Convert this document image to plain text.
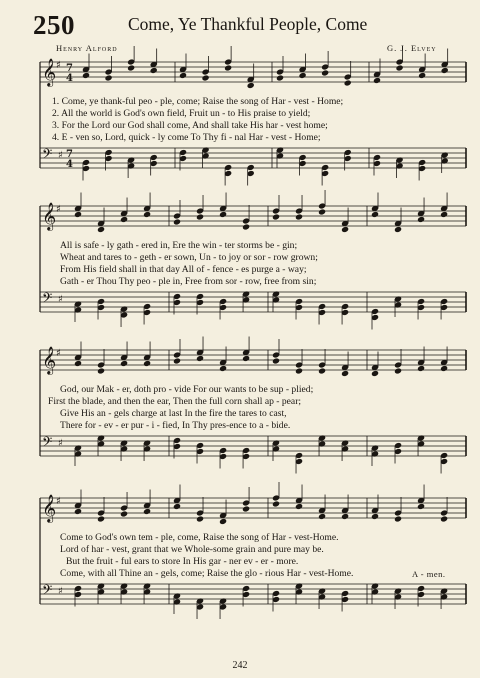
250	Come, Ye Thankful People, Come
Henry Alford	G. J. Elvey
𝄞 ♯ 7
4
𝄢 ♯ 7
4
𝄞 ♯
𝄢 ♯
𝄞 ♯
𝄢 ♯
𝄞 ♯
𝄢 ♯
1. Come, ye thank-ful peo - ple, come; Raise the song of Har - vest - Home;
2. All the world is God's own field, Fruit un - to His praise to yield;
3. For the Lord our God shall come, And shall take His har - vest home;
4. E - ven so, Lord, quick - ly come To Thy fi - nal Har - vest - Home;
All is safe - ly gath - ered in, Ere the win - ter storms be - gin;
Wheat and tares to - geth - er sown, Un - to joy or sor - row grown;
From His field shall in that day All of - fence - es purge a - way;
Gath - er Thou Thy peo - ple in, Free from sor - row, free from sin;
God, our Mak - er, doth pro - vide For our wants to be sup - plied;
First the blade, and then the ear, Then the full corn shall ap - pear;
Give His an - gels charge at last In the fire the tares to cast,
There for - ev - er pur - i - fied, In Thy pres-ence to a - bide.
Come to God's own tem - ple, come, Raise the song of Har - vest-Home.
Lord of har - vest, grant that we Whole-some grain and pure may be.
But the fruit - ful ears to store In His gar - ner ev - er - more.
Come, with all Thine an - gels, come; Raise the glo - rious Har - vest-Home.	A - men.
242
